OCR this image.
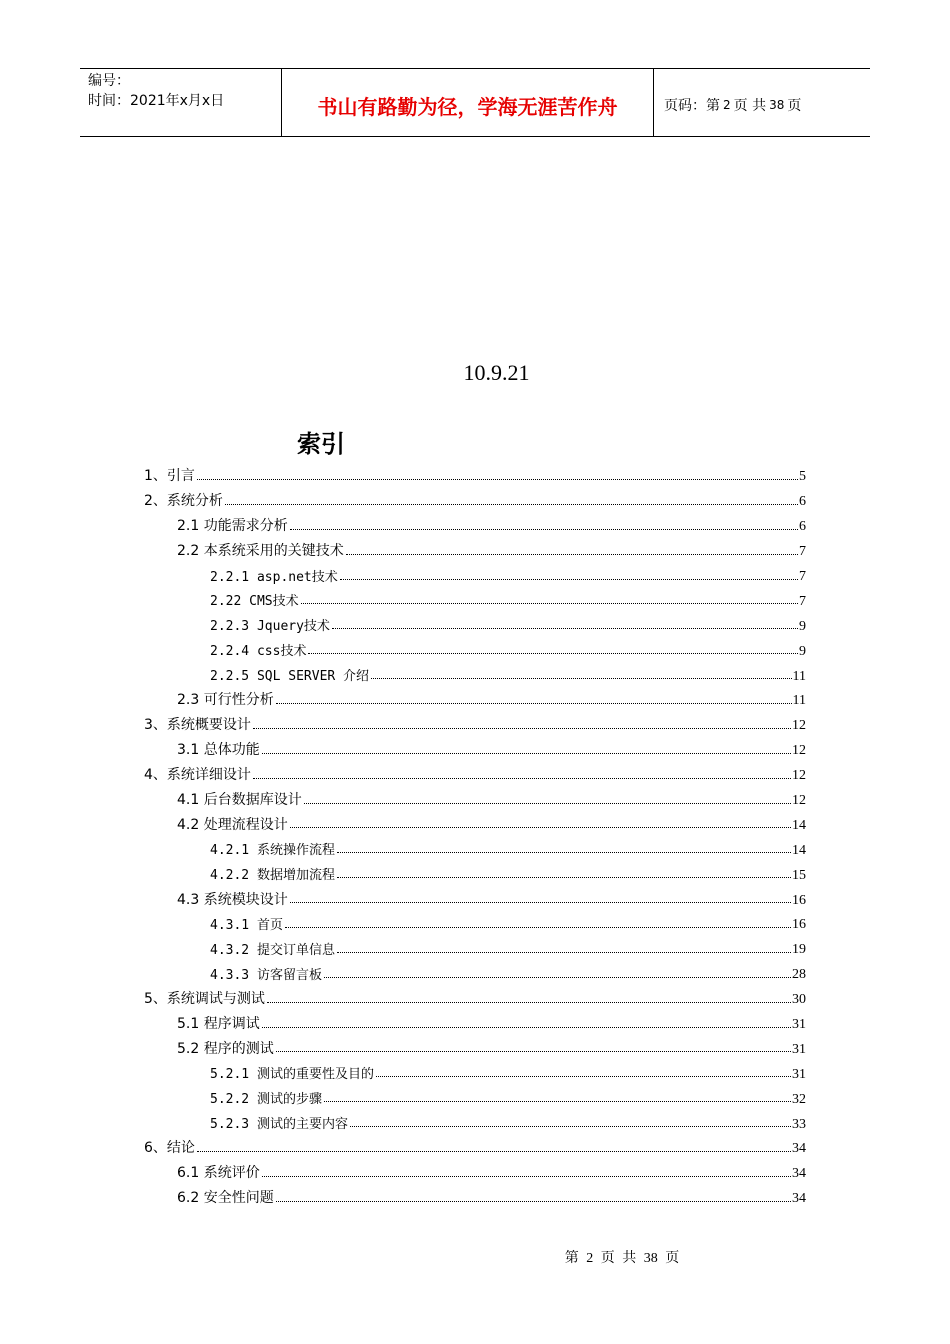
编号：
时间：2021年x月x日	书山有路勤为径，学海无涯苦作舟	页码：第 2 页 共 38 页
10.9.21
索引
1、引言	5
2、系统分析	6
2.1 功能需求分析	6
2.2 本系统采用的关键技术	7
2.2.1 asp.net技术	7
2.22 CMS技术	7
2.2.3 Jquery技术	9
2.2.4 css技术	9
2.2.5 SQL SERVER 介绍	11
2.3 可行性分析	11
3、系统概要设计	12
3.1 总体功能	12
4、系统详细设计	12
4.1 后台数据库设计	12
4.2 处理流程设计	14
4.2.1 系统操作流程	14
4.2.2 数据增加流程	15
4.3 系统模块设计	16
4.3.1 首页	16
4.3.2 提交订单信息	19
4.3.3 访客留言板	28
5、系统调试与测试	30
5.1 程序调试	31
5.2 程序的测试	31
5.2.1 测试的重要性及目的	31
5.2.2 测试的步骤	32
5.2.3 测试的主要内容	33
6、结论	34
6.1 系统评价	34
6.2 安全性问题	34
第 2 页 共 38 页
